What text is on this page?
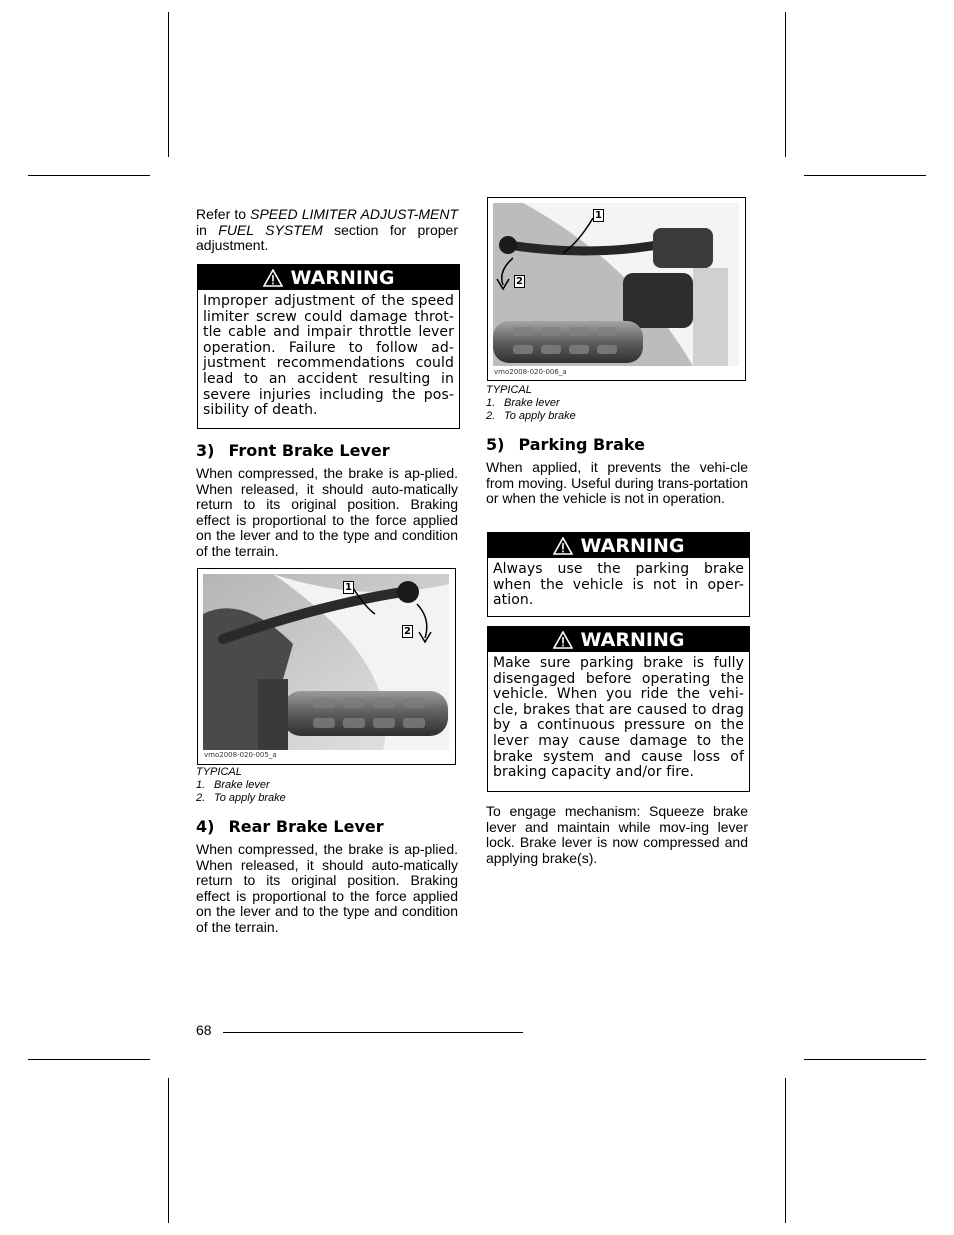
Refer to SPEED LIMITER ADJUST-MENT in FUEL SYSTEM section for proper adjustment.

WARNING
Improper adjustment of the speed limiter screw could damage throt-tle cable and impair throttle lever operation. Failure to follow ad-justment recommendations could lead to an accident resulting in severe injuries including the pos-sibility of death.
3) Front Brake Lever

When compressed, the brake is ap-plied. When released, it should auto-matically return to its original position. Braking effect is proportional to the force applied on the lever and to the type and condition of the terrain.

1
2
vmo2008-020-005_a
TYPICAL
1. Brake lever
2. To apply brake
4) Rear Brake Lever

When compressed, the brake is ap-plied. When released, it should auto-matically return to its original position. Braking effect is proportional to the force applied on the lever and to the type and condition of the terrain.

1
2
vmo2008-020-006_a
TYPICAL
1. Brake lever
2. To apply brake
5) Parking Brake

When applied, it prevents the vehi-cle from moving. Useful during trans-portation or when the vehicle is not in operation.

WARNING
Always use the parking brake when the vehicle is not in oper-ation.
WARNING
Make sure parking brake is fully disengaged before operating the vehicle. When you ride the vehi-cle, brakes that are caused to drag by a continuous pressure on the lever may cause damage to the brake system and cause loss of braking capacity and/or fire.

To engage mechanism: Squeeze brake lever and maintain while mov-ing lever lock. Brake lever is now compressed and applying brake(s).

68
